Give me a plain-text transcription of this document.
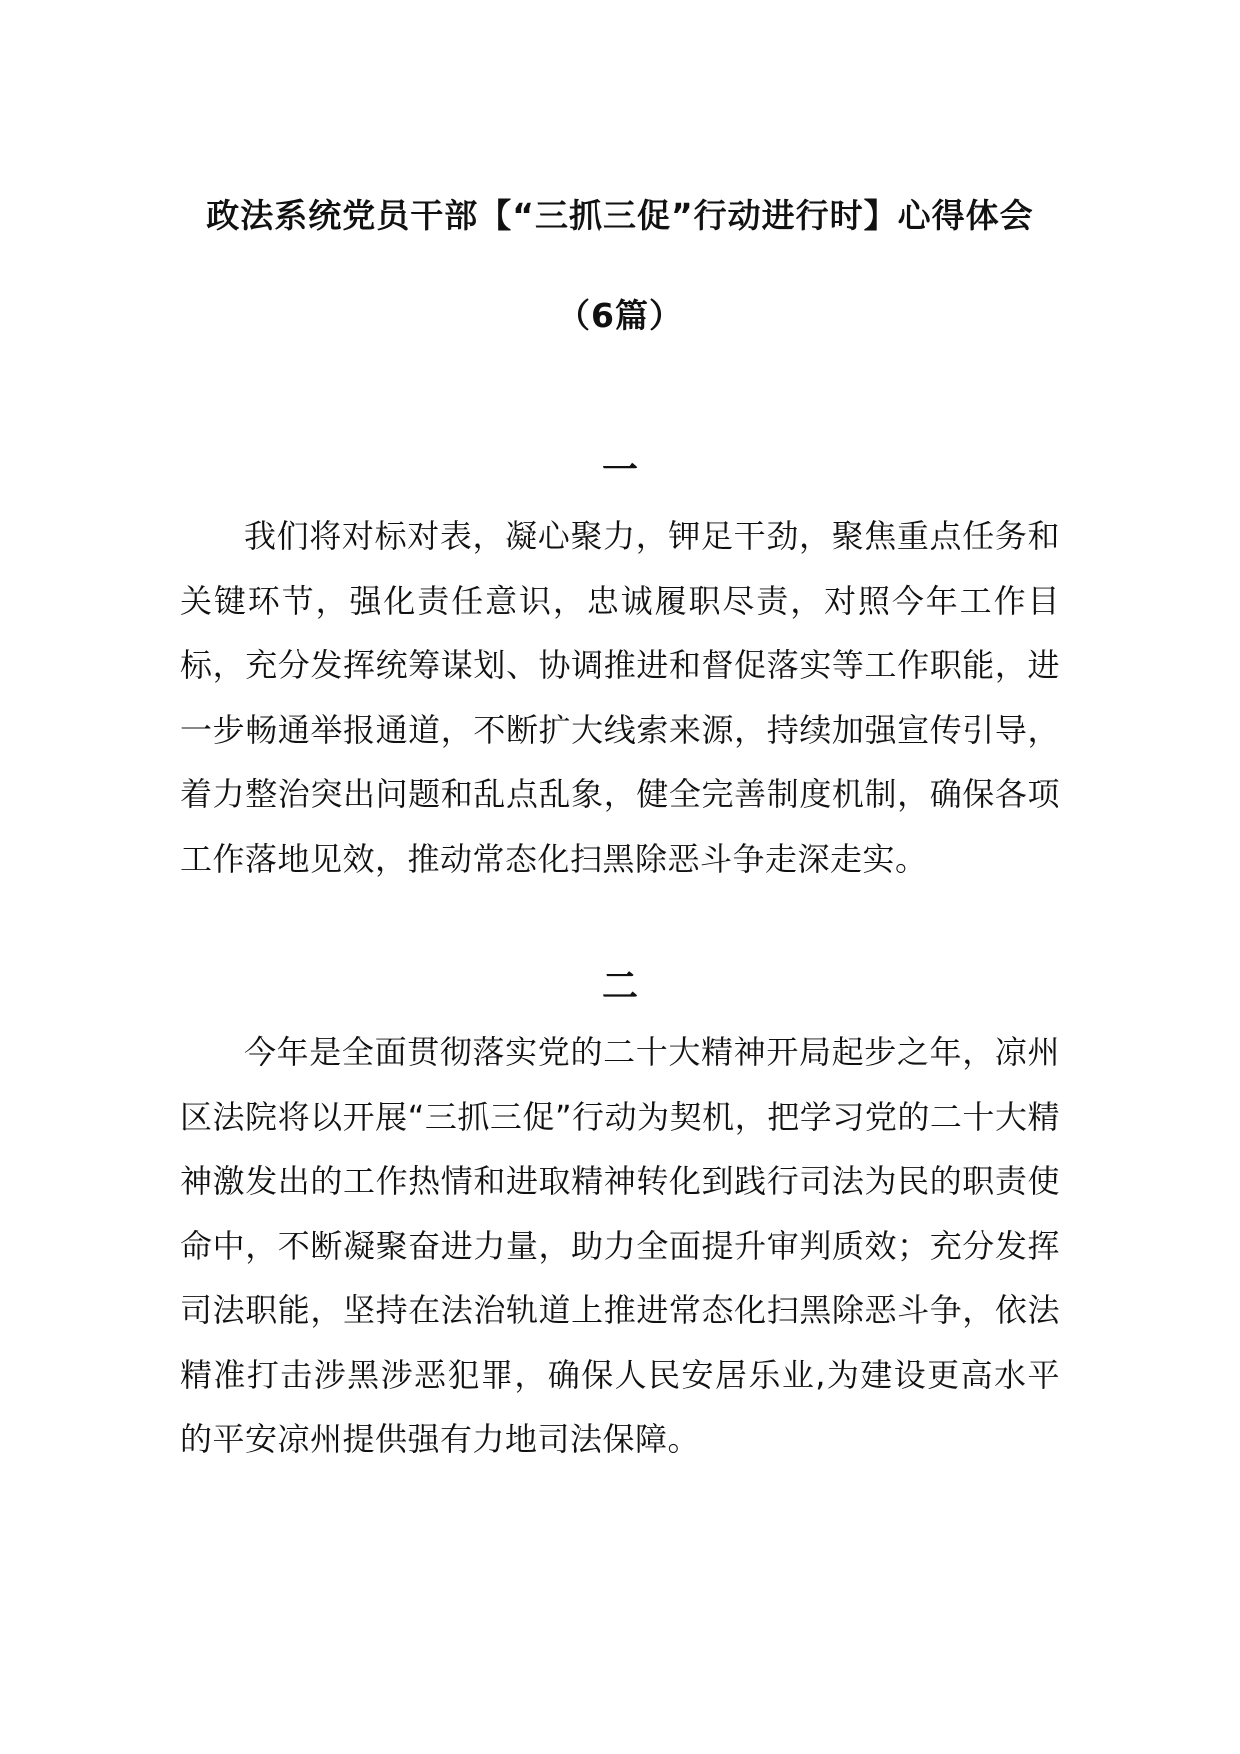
政法系统党员干部【“三抓三促”行动进行时】心得体会
（6篇）
一

我们将对标对表，凝心聚力，钾足干劲，聚焦重点任务和关键环节，强化责任意识，忠诚履职尽责，对照今年工作目标，充分发挥统筹谋划、协调推进和督促落实等工作职能，进一步畅通举报通道，不断扩大线索来源，持续加强宣传引导，着力整治突出问题和乱点乱象，健全完善制度机制，确保各项工作落地见效，推动常态化扫黑除恶斗争走深走实。

二

今年是全面贯彻落实党的二十大精神开局起步之年，凉州区法院将以开展“三抓三促”行动为契机，把学习党的二十大精神激发出的工作热情和进取精神转化到践行司法为民的职责使命中，不断凝聚奋进力量，助力全面提升审判质效；充分发挥司法职能，坚持在法治轨道上推进常态化扫黑除恶斗争，依法精准打击涉黑涉恶犯罪，确保人民安居乐业,为建设更高水平的平安凉州提供强有力地司法保障。
